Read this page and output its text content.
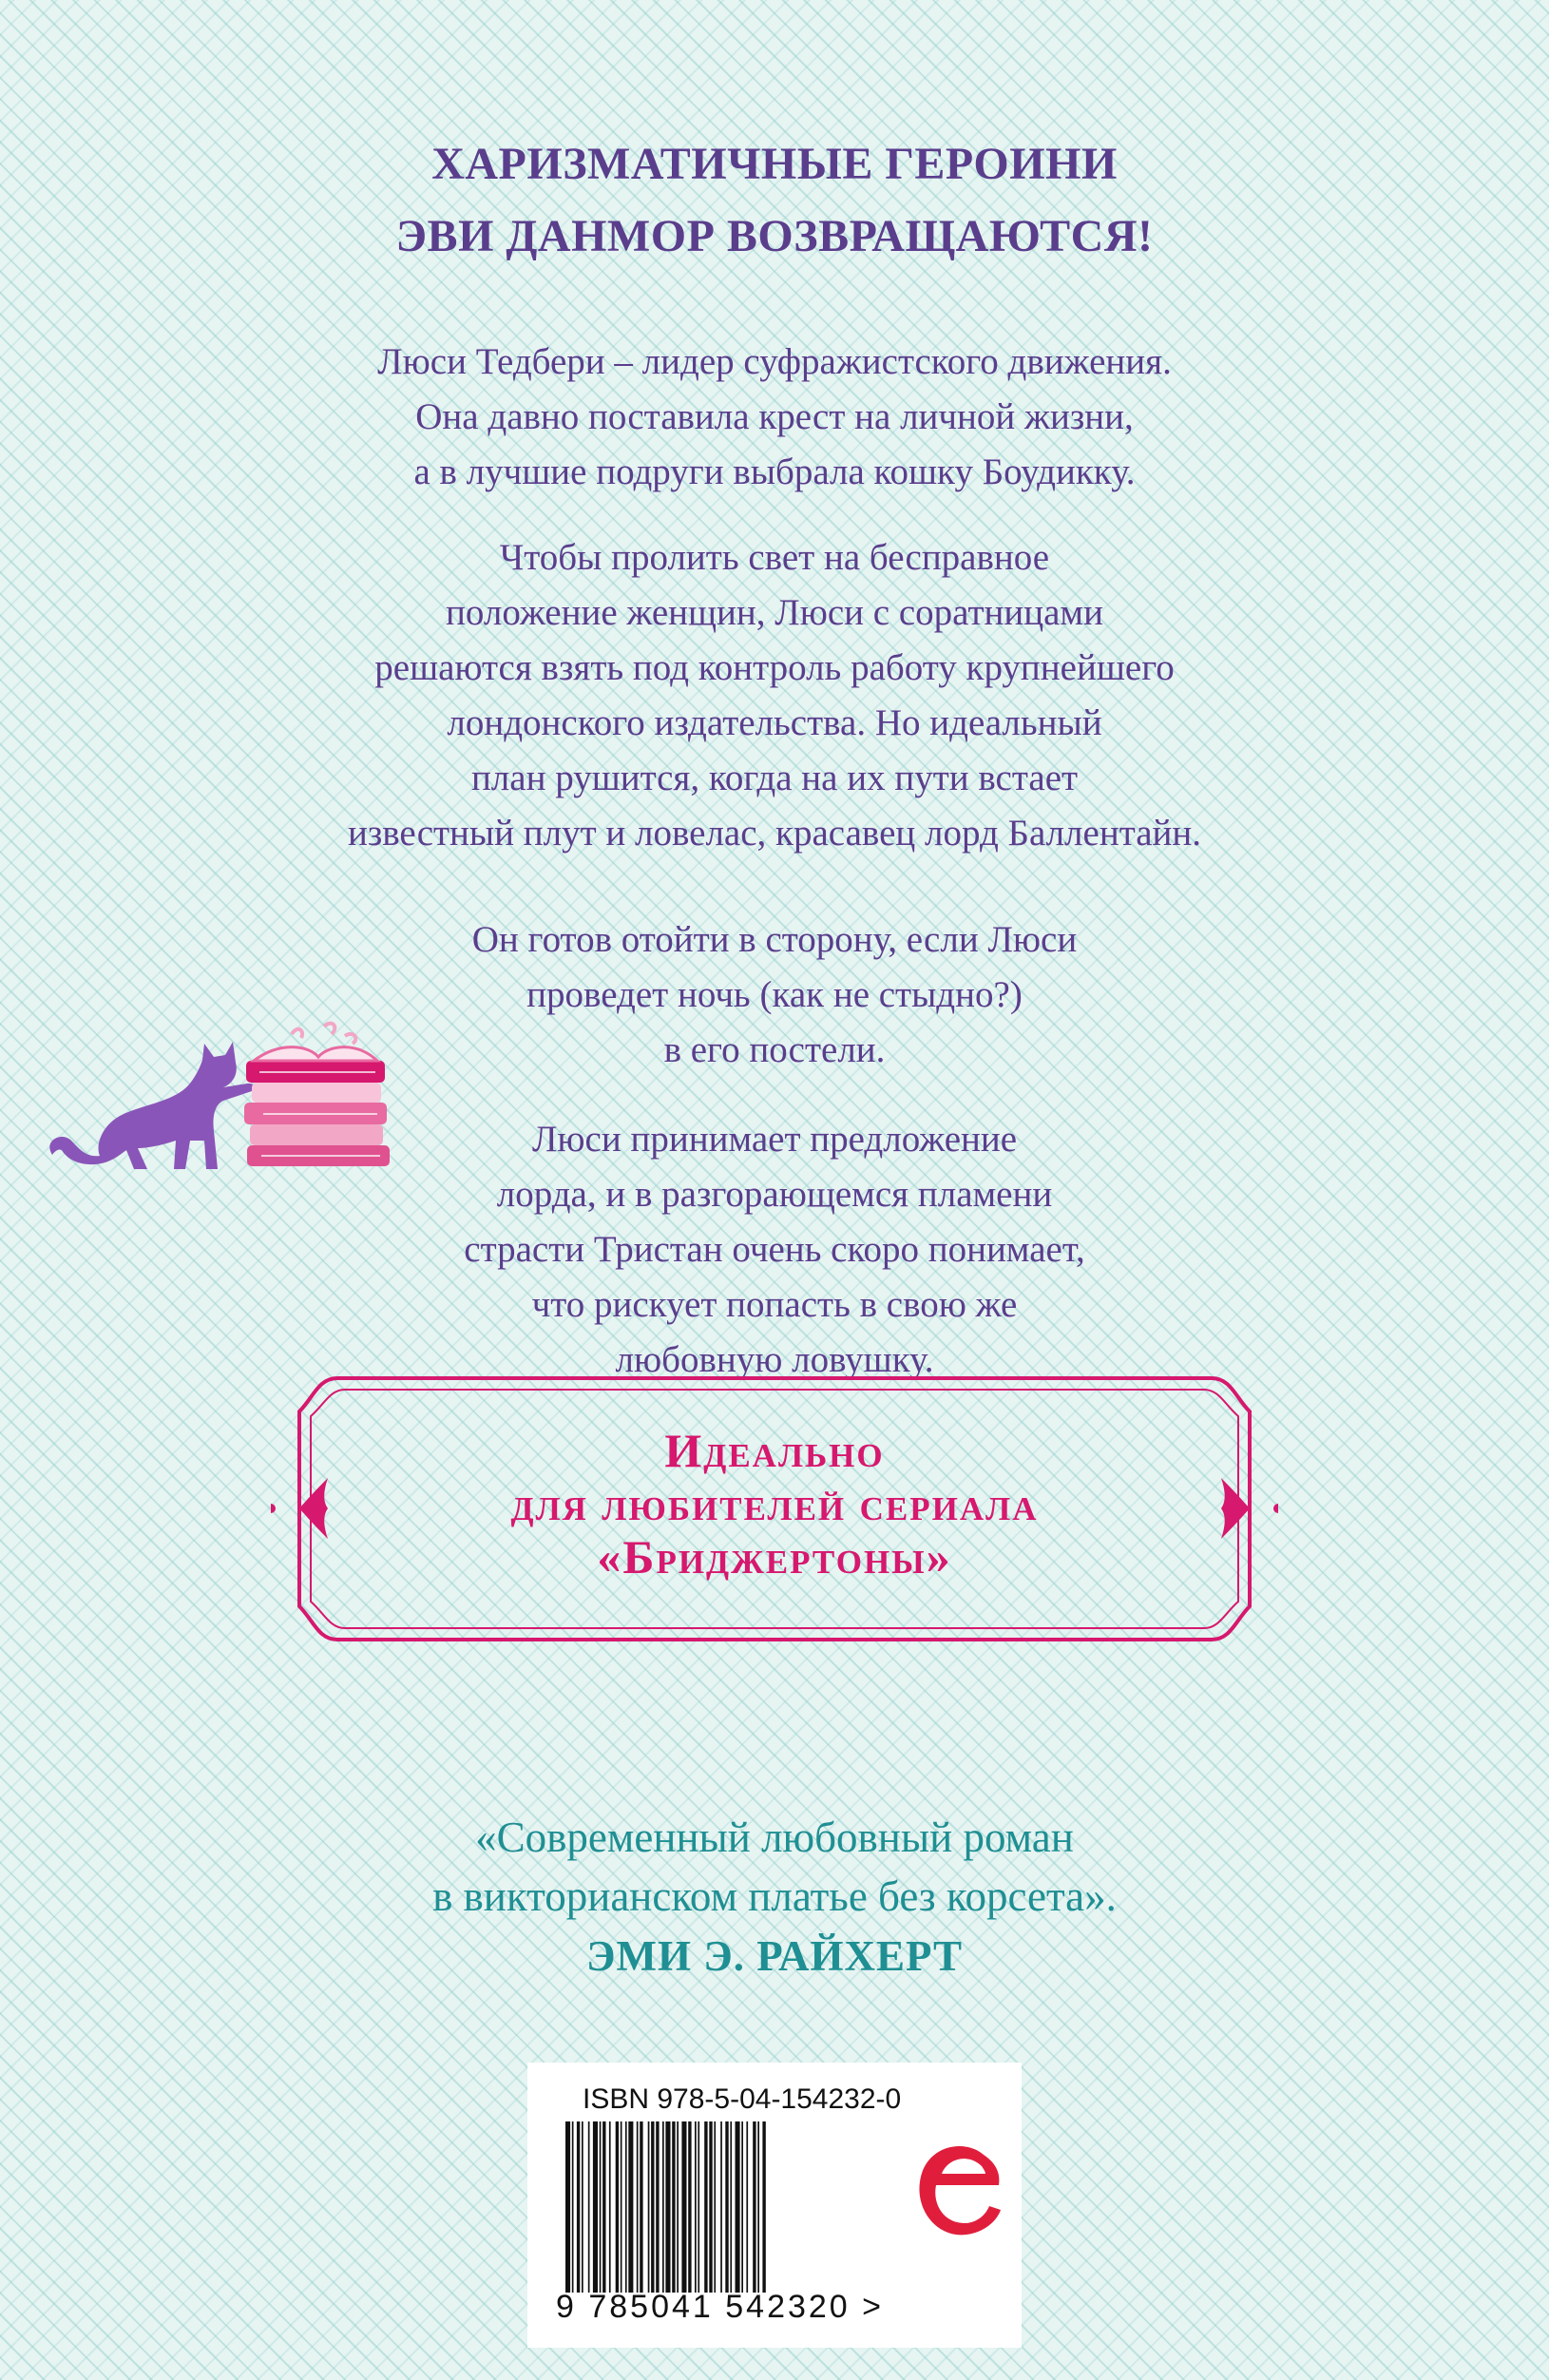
ХАРИЗМАТИЧНЫЕ ГЕРОИНИ
ЭВИ ДАНМОР ВОЗВРАЩАЮТСЯ!
Люси Тедбери – лидер суфражистского движения.
Она давно поставила крест на личной жизни,
а в лучшие подруги выбрала кошку Боудикку.
Чтобы пролить свет на бесправное
положение женщин, Люси с соратницами
решаются взять под контроль работу крупнейшего
лондонского издательства. Но идеальный
план рушится, когда на их пути встает
известный плут и ловелас, красавец лорд Баллентайн.
Он готов отойти в сторону, если Люси
проведет ночь (как не стыдно?)
в его постели.
Люси принимает предложение
лорда, и в разгорающемся пламени
страсти Тристан очень скоро понимает,
что рискует попасть в свою же
любовную ловушку.
Идеально
для любителей сериала
«Бриджертоны»
«Современный любовный роман
в викторианском платье без корсета».
ЭМИ Э. РАЙХЕРТ
ISBN 978-5-04-154232-0
9 785041 542320 >
